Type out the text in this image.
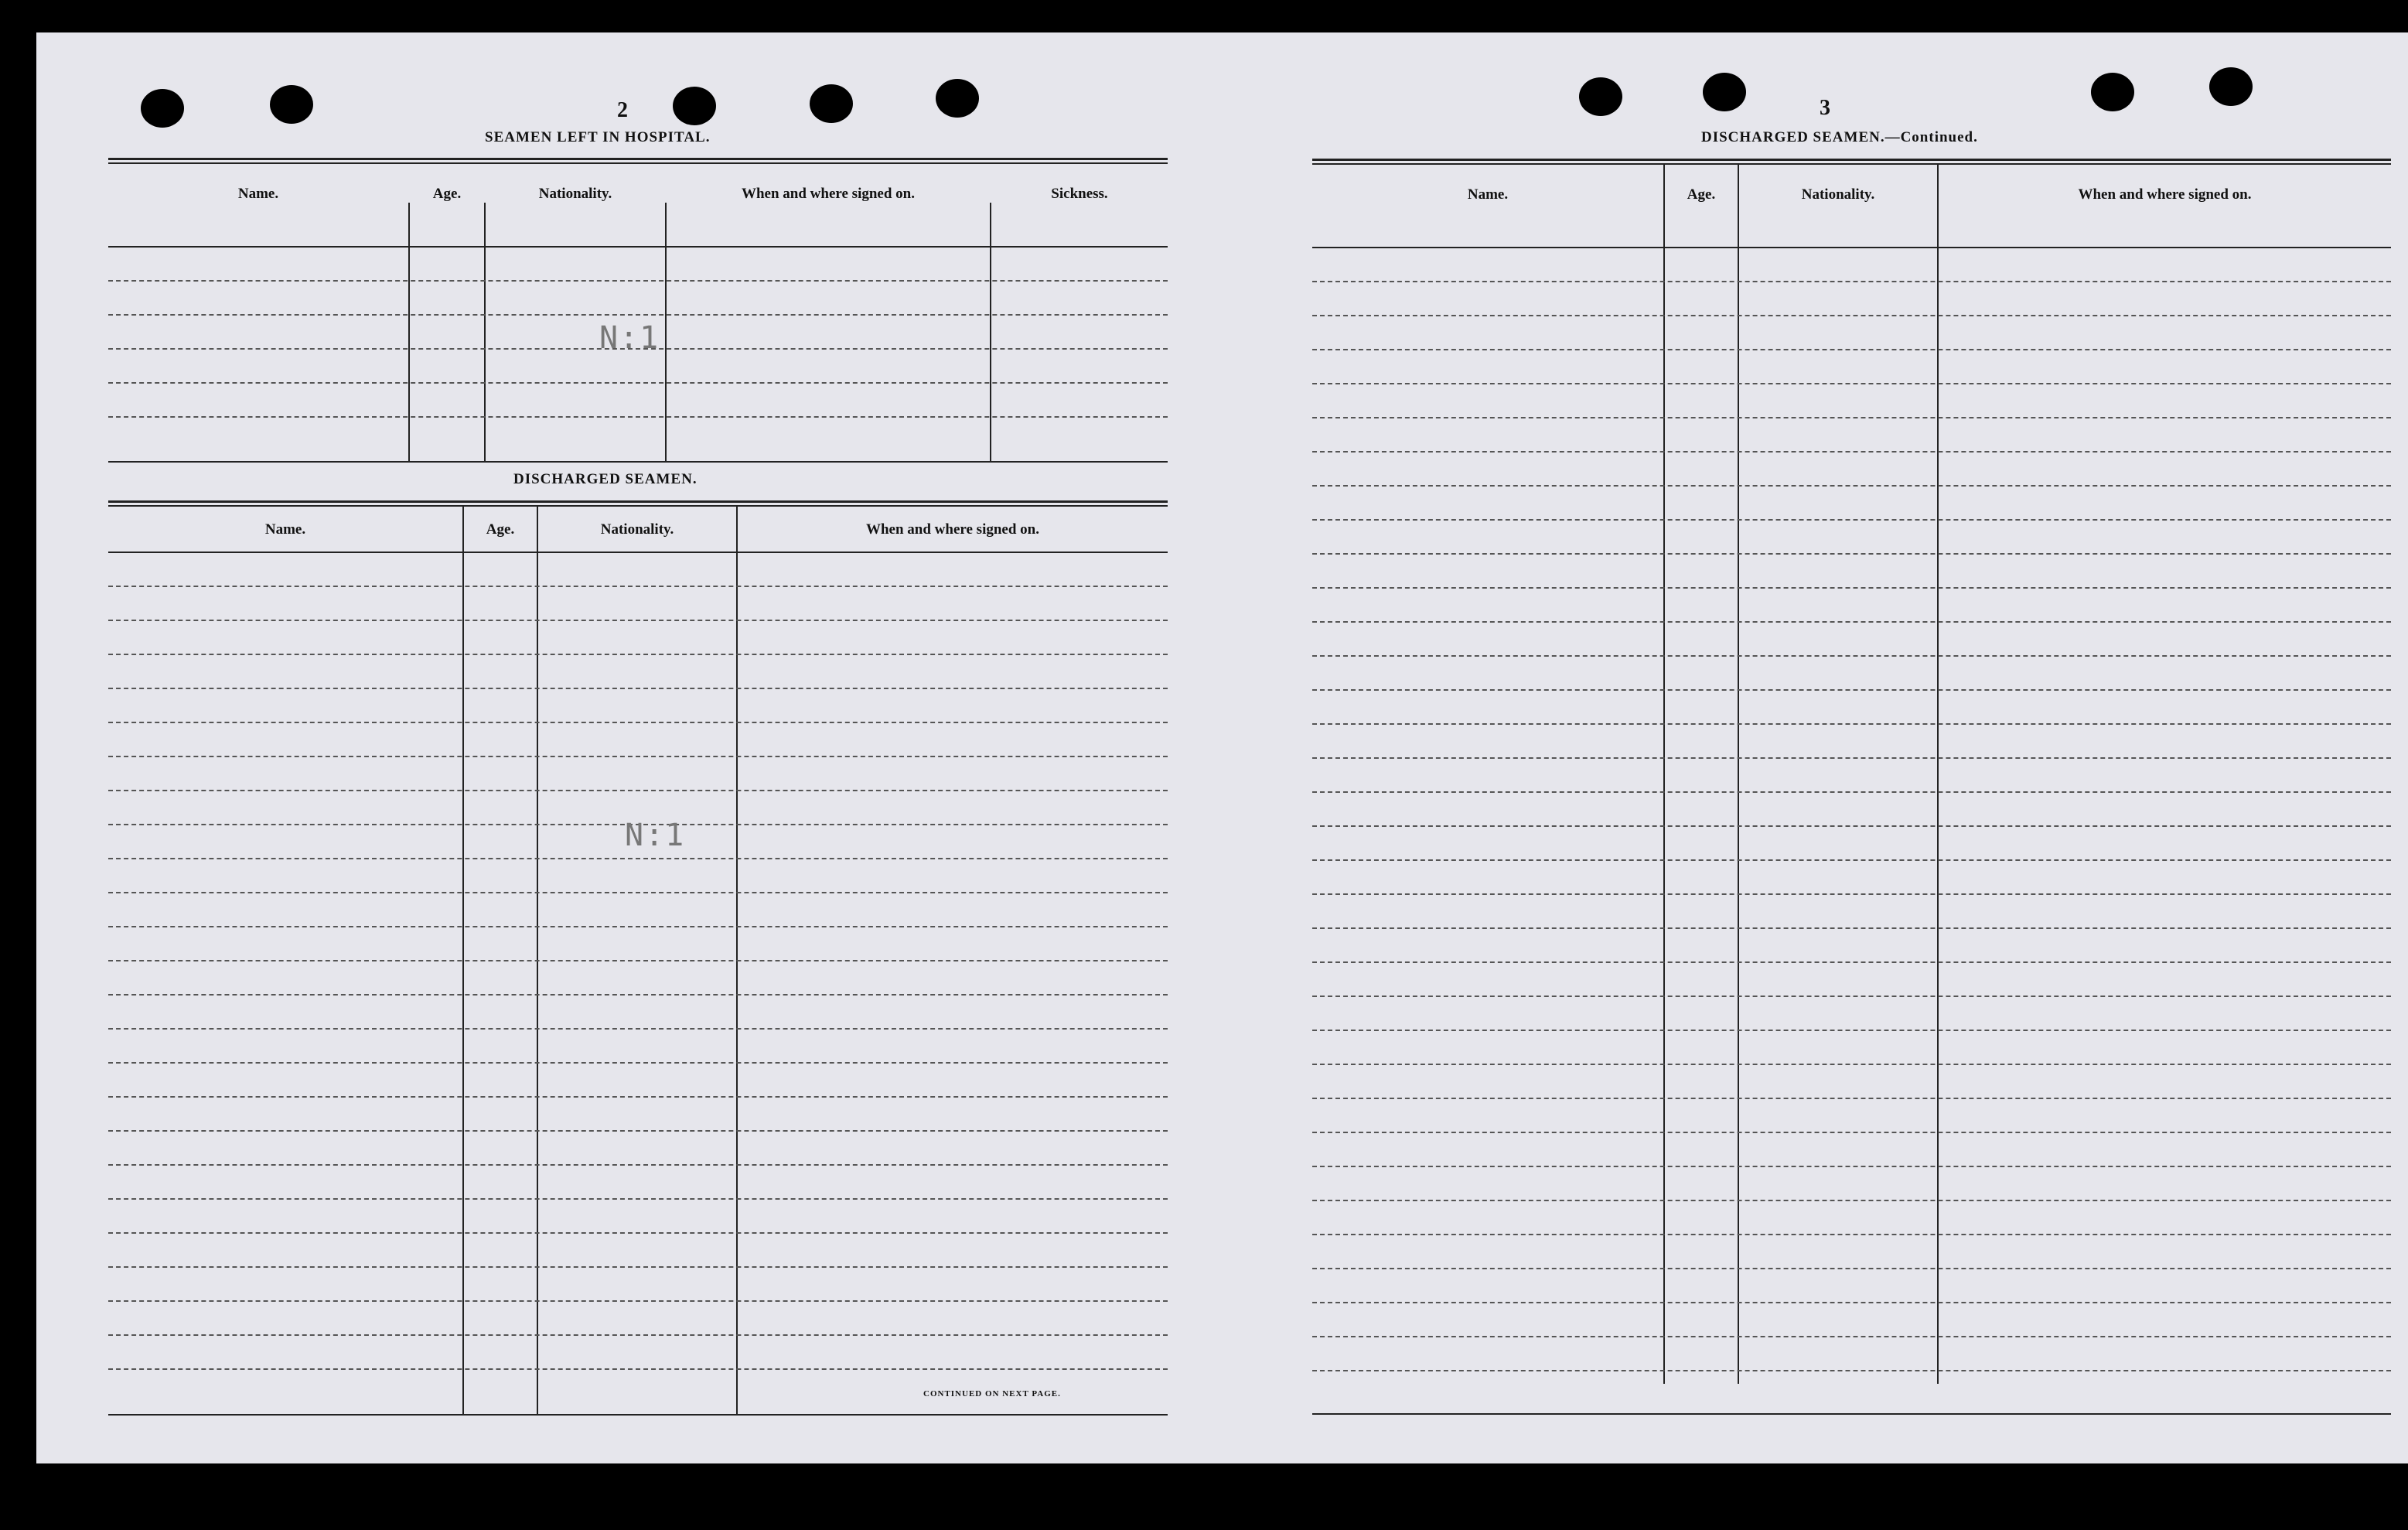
2
SEAMEN LEFT IN HOSPITAL.
Name.	Age.	Nationality.	When and where signed on.	Sickness.
N:1
DISCHARGED SEAMEN.
Name.	Age.	Nationality.	When and where signed on.
N:1
CONTINUED ON NEXT PAGE.
3
DISCHARGED SEAMEN.—Continued.
Name.	Age.	Nationality.	When and where signed on.
